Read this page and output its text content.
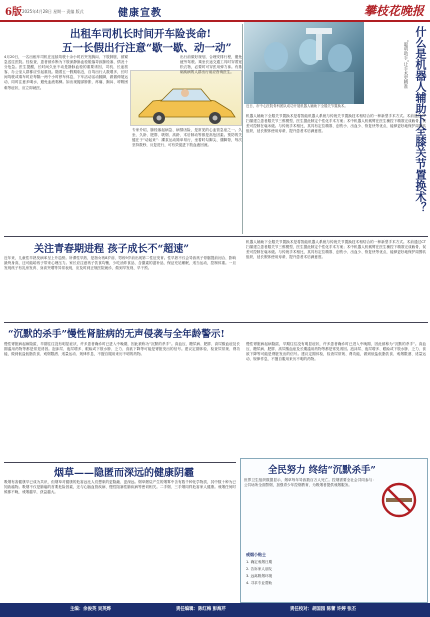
6版 2025年4月28日 星期一 责编 版式	健康宣教	攀枝花晚报
出租车司机长时间开车险丧命!
五一长假出行注意“歇一歇、动一动”
4月20日，一名出租车司机在连续驾驶十余小时后突发胸闷、下肢肿胀，被紧急送往医院。经检查，患者被诊断为下肢深静脉血栓脱落导致肺栓塞，情况十分危急。医生提醒，长时间久坐不动是静脉血栓的重要诱因，司机、长途旅客、办公室人群都应引起重视。随着五一假期临近，自驾出行人数增多，长时间驾驶或乘车时应每隔一两个小时停车休息，下车活动活动腿脚，做做伸展运动，同时注意多喝水，避免血液黏稠。如出现腿部肿胀、疼痛、胸闷、呼吸困难等症状，应立即就医。
专家介绍，肺栓塞起病急、病情凶险，是常见的心血管急症之一。久坐、久卧、肥胖、吸烟、高龄、术后制动等都是高危因素。预防的关键在于“动起来”：踝泵运动简单易行，坐着时勾脚尖、绷脚背，每次坚持数秒，反复进行，可有效促进下肢血液回流。
出行前做好规划，合理安排行程，避免疲劳驾驶。乘坐长途交通工具时穿着宽松衣物，必要时可穿医用弹力袜。有基础疾病的人群出行前应咨询医生。
近日，市中心医院骨科团队成功开展机器人辅助下全膝关节置换术。	什么是机器人辅助下全膝关节置换术？
“聪明助手”让手术更精准
机器人辅助下全膝关节置换术是将智能机器人系统与传统关节置换技术相结合的一种新型手术方式。术前通过CT扫描建立患者膝关节三维模型，医生据此制定个性化手术方案；术中机器人机械臂在医生操控下精准完成截骨，误差可控制在毫米级。与传统手术相比，其具有定位精准、创伤小、出血少、恢复快等优点，能够更好地保护周围软组织，延长假体使用寿命，提升患者术后满意度。
关注青春期进程 孩子成长不“超速”
近年来，儿童性早熟发病率呈上升趋势。所谓性早熟，是指女孩8岁前、男孩9岁前出现第二性征发育。性早熟不仅会导致孩子骨骺提前闭合、影响最终身高，还可能给孩子带来心理压力。家长应注意孩子饮食均衡，少吃油炸食品、含激素的滋补品，保证充足睡眠，适当运动，控制体重。一旦发现孩子有乳房发育、身高突增等异常表现，应及时到正规医院就诊，做到早发现、早干预。
机器人辅助下全膝关节置换术是将智能机器人系统与传统关节置换技术相结合的一种新型手术方式。术前通过CT扫描建立患者膝关节三维模型，医生据此制定个性化手术方案；术中机器人机械臂在医生操控下精准完成截骨，误差可控制在毫米级。与传统手术相比，其具有定位精准、创伤小、出血少、恢复快等优点，能够更好地保护周围软组织，延长假体使用寿命，提升患者术后满意度。
“沉默的杀手”慢性肾脏病的无声侵袭与全年龄警示!
慢性肾脏病起病隐匿，早期往往没有明显症状，许多患者确诊时已进入中晚期，因此被称为“沉默的杀手”。高血压、糖尿病、肥胖、高尿酸血症及长期滥用药物等都是常见诱因。泡沫尿、夜尿增多、眼睑或下肢水肿、乏力、食欲下降等可能是肾脏发出的信号。建议定期体检，检查尿常规、肾功能，做到低盐低脂饮食、戒烟限酒、适量运动、规律作息，不擅自服用来历不明的药物。
慢性肾脏病起病隐匿，早期往往没有明显症状，许多患者确诊时已进入中晚期，因此被称为“沉默的杀手”。高血压、糖尿病、肥胖、高尿酸血症及长期滥用药物等都是常见诱因。泡沫尿、夜尿增多、眼睑或下肢水肿、乏力、食欲下降等可能是肾脏发出的信号。建议定期体检，检查尿常规、肾功能，做到低盐低脂饮食、戒烟限酒、适量运动、规律作息，不擅自服用来历不明的药物。
烟草——隐匿而深远的健康阴霾
吸烟有害健康早已成为共识，但烟草对健康的危害远比人们想象的更隐蔽、更深远。烟草燃烧产生的烟雾中含有数千种化学物质，其中数十种为已知致癌物。吸烟不仅是肺癌的首要危险因素，还与心脑血管疾病、慢性阻塞性肺疾病等密切相关。二手烟、三手烟同样危害家人健康。戒烟任何时候都不晚，戒烟越早，获益越大。
全民努力 终结“沉默杀手”
世界卫生组织数据显示，烟草每年导致数百万人死亡。控烟需要全社会共同参与：公共场所全面禁烟，加强青少年控烟教育，为吸烟者提供戒烟服务。
戒烟小贴士
1. 确定戒烟日期
2. 告诉家人朋友
3. 远离吸烟环境
4. 寻求专业帮助
主编：余俊英 吴英烨	责任编辑：陈红梅 彭海芹	责任校对：胡国园 陈蕾 许婷 张丕
